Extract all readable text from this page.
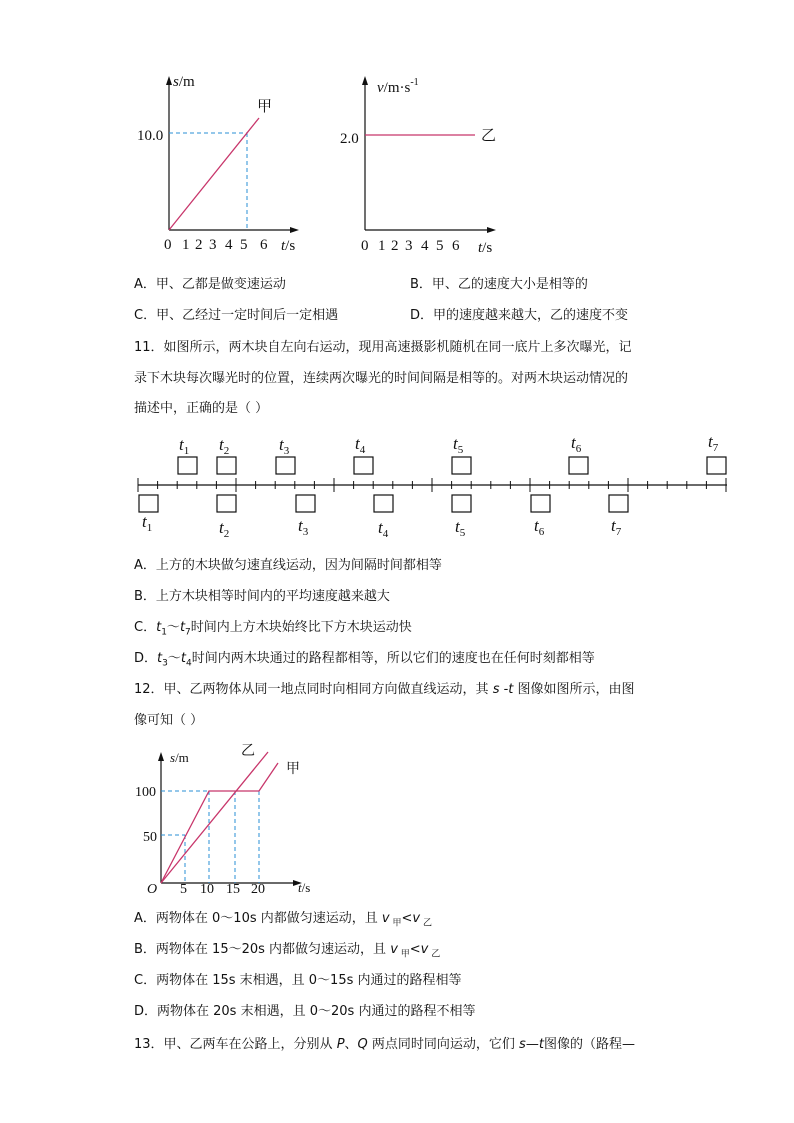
s/m
10.0
甲
0 1 2 3 4 5 6 t/s
$v/m\cdot s^{-1}$
2.0	乙
0 1 2 3 4 5 6 t/s
A．甲、乙都是做变速运动	B．甲、乙的速度大小是相等的
C．甲、乙经过一定时间后一定相遇	D．甲的速度越来越大，乙的速度不变
11．如图所示，两木块自左向右运动，现用高速摄影机随机在同一底片上多次曝光，记
录下木块每次曝光时的位置，连续两次曝光的时间间隔是相等的。对两木块运动情况的
描述中，正确的是（ ）
$t_1$ $t_2$	$t_3$	$t_4$	$t_5$	$t_6$	$t_7$
$t_1$	$t_2$	$t_3$	$t_4$	$t_5$	$t_6$	$t_7$
A．上方的木块做匀速直线运动，因为间隔时间都相等
B．上方木块相等时间内的平均速度越来越大
C．$t_1\sim t_7$时间内上方木块始终比下方木块运动快
D．$t_3\sim t_4$时间内两木块通过的路程都相等，所以它们的速度也在任何时刻都相等
12．甲、乙两物体从同一地点同时向相同方向做直线运动，其 s -t 图像如图所示，由图
像可知（ ）
s/m	乙
甲
100
50
O 5 10 15 20	t/s
A．两物体在 0～10s 内都做匀速运动，且 v $_甲$<v $_乙$
B．两物体在 15～20s 内都做匀速运动，且 v $_甲$<v $_乙$
C．两物体在 15s 末相遇，且 0～15s 内通过的路程相等
D．两物体在 20s 末相遇，且 0～20s 内通过的路程不相等
13．甲、乙两车在公路上，分别从 P、Q 两点同时同向运动，它们 s—t图像的（路程—
